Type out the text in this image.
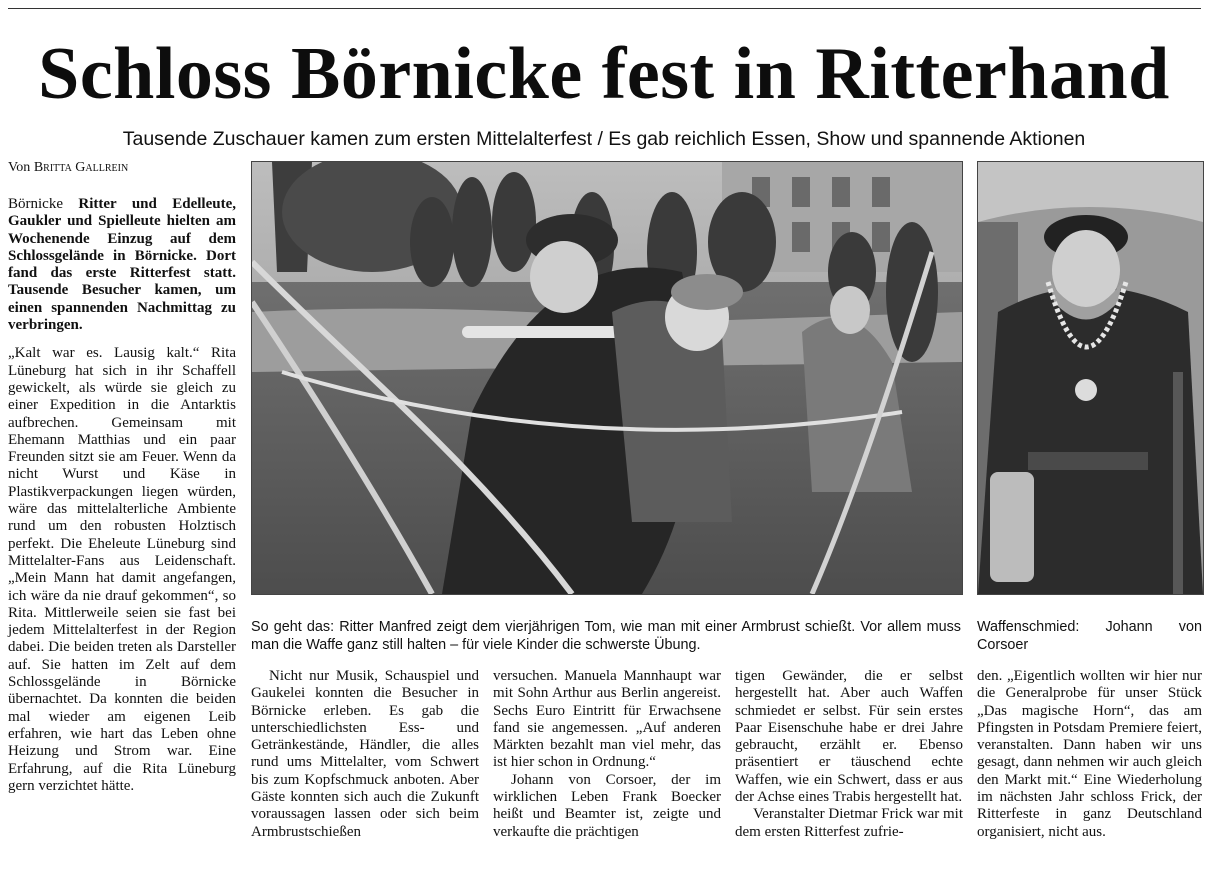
Schloss Börnicke fest in Ritterhand
Tausende Zuschauer kamen zum ersten Mittelalterfest / Es gab reichlich Essen, Show und spannende Aktionen
Von Britta Gallrein

Börnicke Ritter und Edelleute, Gaukler und Spielleute hielten am Wochenende Einzug auf dem Schlossgelände in Börnicke. Dort fand das erste Ritterfest statt. Tausende Besucher kamen, um einen spannenden Nachmittag zu verbringen.

„Kalt war es. Lausig kalt.“ Rita Lüneburg hat sich in ihr Schaffell gewickelt, als würde sie gleich zu einer Expedition in die Antarktis aufbrechen. Gemeinsam mit Ehemann Matthias und ein paar Freunden sitzt sie am Feuer. Wenn da nicht Wurst und Käse in Plastikverpackungen liegen würden, wäre das mittelalterliche Ambiente rund um den robusten Holztisch perfekt. Die Eheleute Lüneburg sind Mittelalter-Fans aus Leidenschaft. „Mein Mann hat damit angefangen, ich wäre da nie drauf gekommen“, so Rita. Mittlerweile seien sie fast bei jedem Mittelalterfest in der Region dabei. Die beiden treten als Darsteller auf. Sie hatten im Zelt auf dem Schlossgelände in Börnicke übernachtet. Da konnten die beiden mal wieder am eigenen Leib erfahren, wie hart das Leben ohne Heizung und Strom war. Eine Erfahrung, auf die Rita Lüneburg gern verzichtet hätte.

So geht das: Ritter Manfred zeigt dem vierjährigen Tom, wie man mit einer Armbrust schießt. Vor allem muss man die Waffe ganz still halten – für viele Kinder die schwerste Übung.
Waffenschmied: Johann von Corsoer

Nicht nur Musik, Schauspiel und Gaukelei konnten die Besucher in Börnicke erleben. Es gab die unterschiedlichsten Ess- und Getränkestände, Händler, die alles rund ums Mittelalter, vom Schwert bis zum Kopfschmuck anboten. Aber Gäste konnten sich auch die Zukunft voraussagen lassen oder sich beim Armbrustschießen

versuchen. Manuela Mannhaupt war mit Sohn Arthur aus Berlin angereist. Sechs Euro Eintritt für Erwachsene fand sie angemessen. „Auf anderen Märkten bezahlt man viel mehr, das ist hier schon in Ordnung.“

Johann von Corsoer, der im wirklichen Leben Frank Boecker heißt und Beamter ist, zeigte und verkaufte die prächtigen

tigen Gewänder, die er selbst hergestellt hat. Aber auch Waffen schmiedet er selbst. Für sein erstes Paar Eisenschuhe habe er drei Jahre gebraucht, erzählt er. Ebenso präsentiert er täuschend echte Waffen, wie ein Schwert, dass er aus der Achse eines Trabis hergestellt hat.

Veranstalter Dietmar Frick war mit dem ersten Ritterfest zufrie-

den. „Eigentlich wollten wir hier nur die Generalprobe für unser Stück „Das magische Horn“, das am Pfingsten in Potsdam Premiere feiert, veranstalten. Dann haben wir uns gesagt, dann nehmen wir auch gleich den Markt mit.“ Eine Wiederholung im nächsten Jahr schloss Frick, der Ritterfeste in ganz Deutschland organisiert, nicht aus.
